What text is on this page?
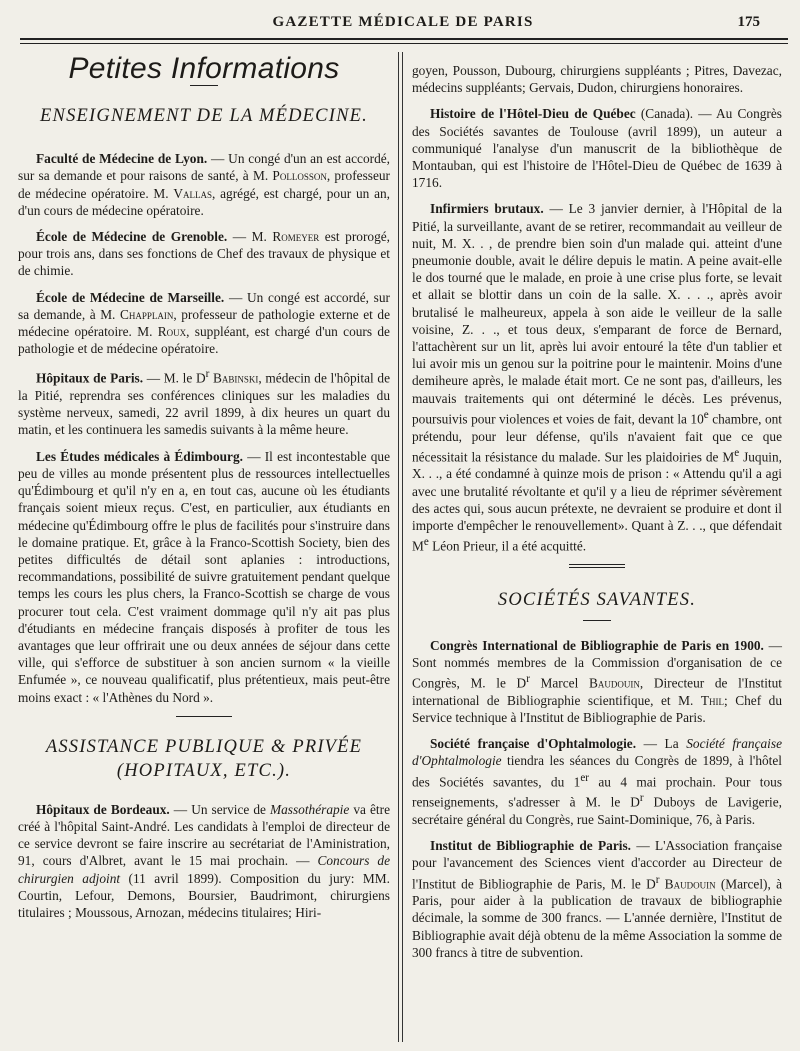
GAZETTE MÉDICALE DE PARIS	175
Petites Informations
ENSEIGNEMENT DE LA MÉDECINE.

Faculté de Médecine de Lyon. — Un congé d'un an est accordé, sur sa demande et pour raisons de santé, à M. Pollosson, professeur de médecine opératoire. M. Vallas, agrégé, est chargé, pour un an, d'un cours de médecine opératoire.

École de Médecine de Grenoble. — M. Romeyer est prorogé, pour trois ans, dans ses fonctions de Chef des travaux de physique et de chimie.

École de Médecine de Marseille. — Un congé est accordé, sur sa demande, à M. Chapplain, professeur de pathologie externe et de médecine opératoire. M. Roux, suppléant, est chargé d'un cours de pathologie et de médecine opératoire.

Hôpitaux de Paris. — M. le $D^r$ Babinski, médecin de l'hôpital de la Pitié, reprendra ses conférences cliniques sur les maladies du système nerveux, samedi, 22 avril 1899, à dix heures un quart du matin, et les continuera les samedis suivants à la même heure.

Les Études médicales à Édimbourg. — Il est incontestable que peu de villes au monde présentent plus de ressources intellectuelles qu'Édimbourg et qu'il n'y en a, en tout cas, aucune où les étudiants français soient mieux reçus. C'est, en particulier, aux étudiants en médecine qu'Édimbourg offre le plus de facilités pour s'instruire dans le domaine pratique. Et, grâce à la Franco-Scottish Society, bien des petites difficultés de détail sont aplanies : introductions, recommandations, possibilité de suivre gratuitement pendant quelque temps les cours les plus chers, la Franco-Scottish se charge de vous procurer tout cela. C'est vraiment dommage qu'il n'y ait pas plus d'étudiants en médecine français disposés à profiter de tous les avantages que leur offrirait une ou deux années de séjour dans cette ville, qui s'efforce de substituer à son ancien surnom « la vieille Enfumée », ce nouveau qualificatif, plus prétentieux, mais peut-être moins exact : « l'Athènes du Nord ».

ASSISTANCE PUBLIQUE & PRIVÉE
(HOPITAUX, ETC.).

Hôpitaux de Bordeaux. — Un service de Massothérapie va être créé à l'hôpital Saint-André. Les candidats à l'emploi de directeur de ce service devront se faire inscrire au secrétariat de l'Aministration, 91, cours d'Albret, avant le 15 mai prochain. — Concours de chirurgien adjoint (11 avril 1899). Composition du jury: MM. Courtin, Lefour, Demons, Boursier, Baudrimont, chirurgiens titulaires ; Moussous, Arnozan, médecins titulaires; Hiri-

goyen, Pousson, Dubourg, chirurgiens suppléants ; Pitres, Davezac, médecins suppléants; Gervais, Dudon, chirurgiens honoraires.

Histoire de l'Hôtel-Dieu de Québec (Canada). — Au Congrès des Sociétés savantes de Toulouse (avril 1899), un auteur a communiqué l'analyse d'un manuscrit de la bibliothèque de Montauban, qui est l'histoire de l'Hôtel-Dieu de Québec de 1639 à 1716.

Infirmiers brutaux. — Le 3 janvier dernier, à l'Hôpital de la Pitié, la surveillante, avant de se retirer, recommandait au veilleur de nuit, M. X. . , de prendre bien soin d'un malade qui. atteint d'une pneumonie double, avait le délire depuis le matin. A peine avait-elle le dos tourné que le malade, en proie à une crise plus forte, se levait et allait se blottir dans un coin de la salle. X. . . ., après avoir brutalisé le malheureux, appela à son aide le veilleur de la salle voisine, Z. . ., et tous deux, s'emparant de force de Bernard, l'attachèrent sur un lit, après lui avoir entouré la tête d'un tablier et lui avoir mis un genou sur la poitrine pour le maintenir. Moins d'une demiheure après, le malade était mort. Ce ne sont pas, d'ailleurs, les mauvais traitements qui ont déterminé le décès. Les prévenus, poursuivis pour violences et voies de fait, devant la 10e chambre, ont prétendu, pour leur défense, qu'ils n'avaient fait que ce que nécessitait la résistance du malade. Sur les plaidoiries de Me Juquin, X. . ., a été condamné à quinze mois de prison : « Attendu qu'il a agi avec une brutalité révoltante et qu'il y a lieu de réprimer sévèrement des actes qui, sous aucun prétexte, ne devraient se produire et dont il importe d'empêcher le renouvellement». Quant à Z. . ., que défendait Me Léon Prieur, il a été acquitté.

SOCIÉTÉS SAVANTES.

Congrès International de Bibliographie de Paris en 1900. — Sont nommés membres de la Commission d'organisation de ce Congrès, M. le $D^r$ Marcel Baudouin, Directeur de l'Institut international de Bibliographie scientifique, et M. Thil; Chef du Service technique à l'Institut de Bibliographie de Paris.

Société française d'Ophtalmologie. — La Société française d'Ophtalmologie tiendra les séances du Congrès de 1899, à l'hôtel des Sociétés savantes, du 1er au 4 mai prochain. Pour tous renseignements, s'adresser à M. le $D^r$ Duboys de Lavigerie, secrétaire général du Congrès, rue Saint-Dominique, 76, à Paris.

Institut de Bibliographie de Paris. — L'Association française pour l'avancement des Sciences vient d'accorder au Directeur de l'Institut de Bibliographie de Paris, M. le $D^r$ Baudouin (Marcel), à Paris, pour aider à la publication de travaux de bibliographie décimale, la somme de 300 francs. — L'année dernière, l'Institut de Bibliographie avait déjà obtenu de la même Association la somme de 300 francs à titre de subvention.
